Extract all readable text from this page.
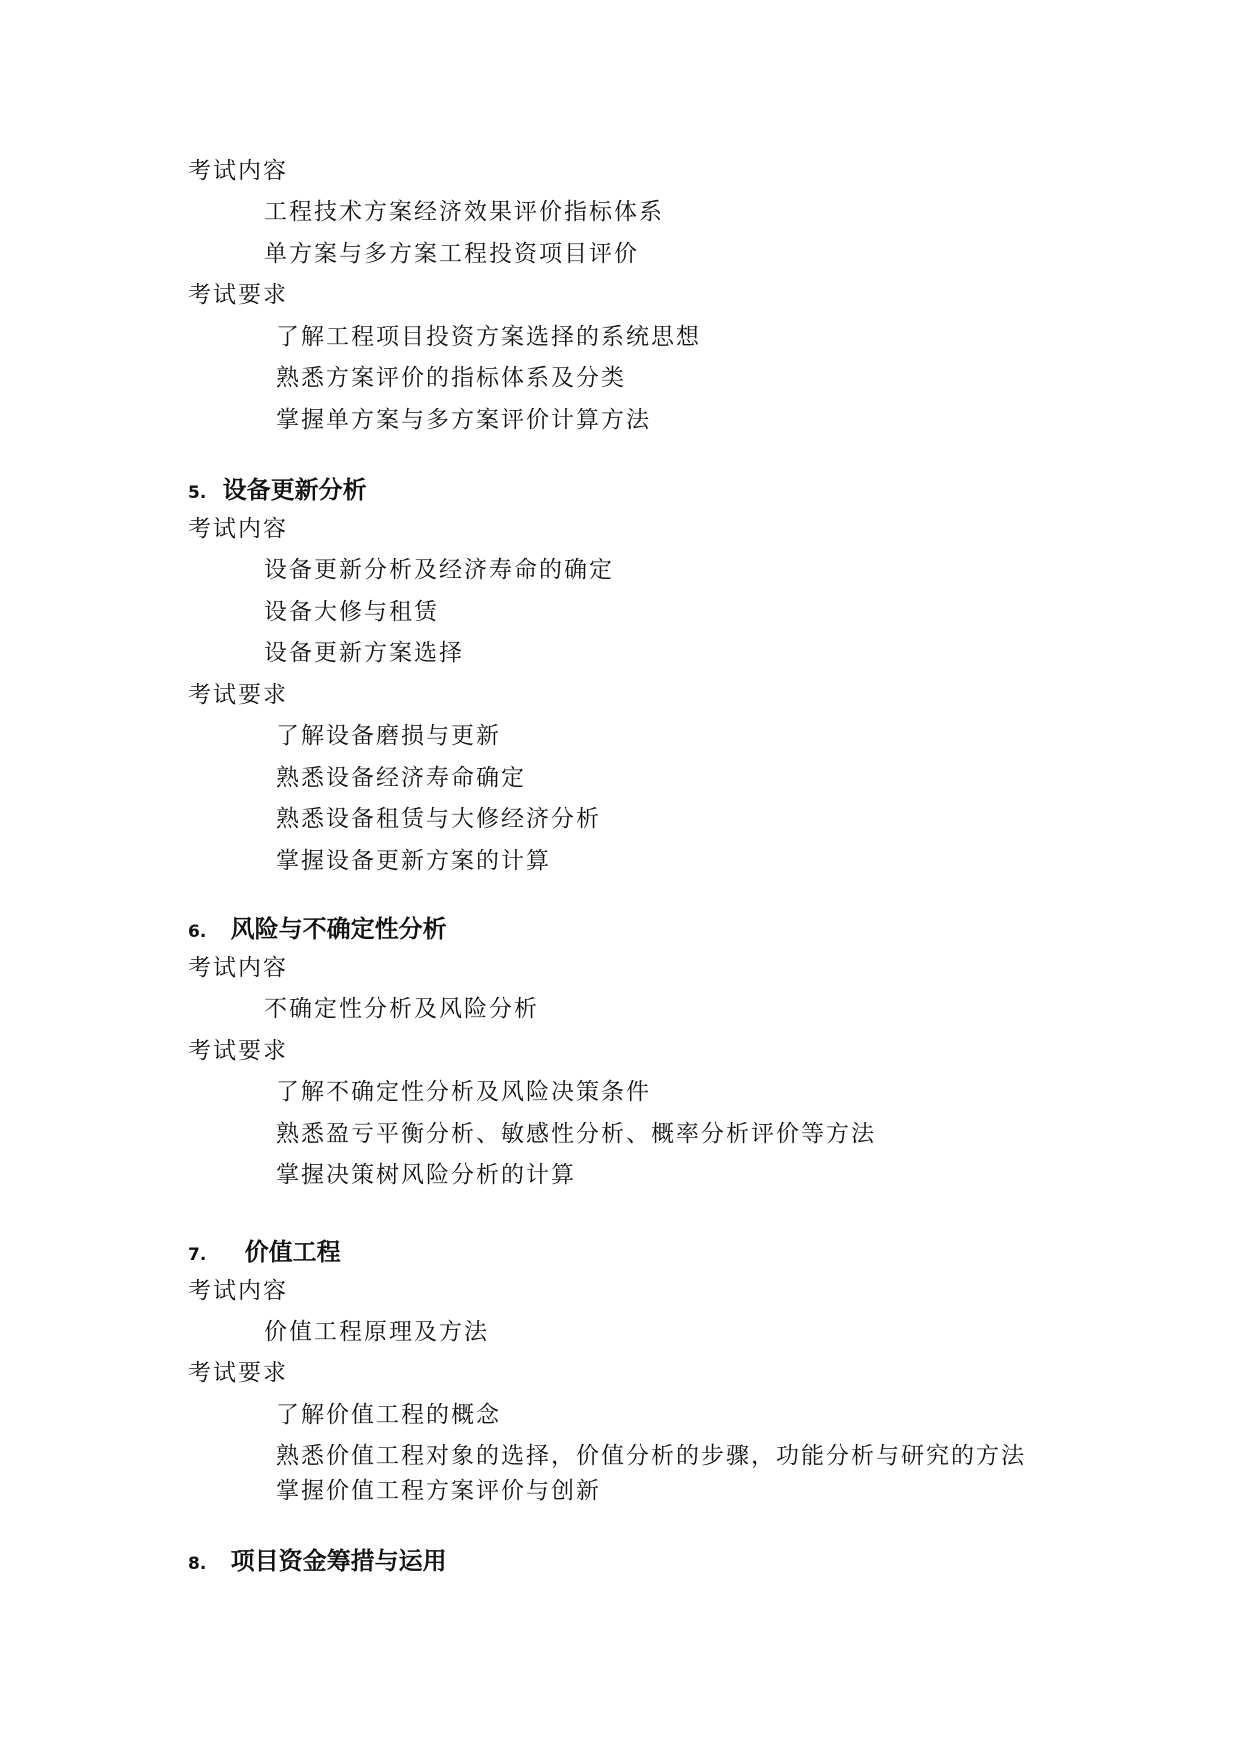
考试内容
工程技术方案经济效果评价指标体系
单方案与多方案工程投资项目评价
考试要求
了解工程项目投资方案选择的系统思想
熟悉方案评价的指标体系及分类
掌握单方案与多方案评价计算方法
5. 设备更新分析
考试内容
设备更新分析及经济寿命的确定
设备大修与租赁
设备更新方案选择
考试要求
了解设备磨损与更新
熟悉设备经济寿命确定
熟悉设备租赁与大修经济分析
掌握设备更新方案的计算
6. 风险与不确定性分析
考试内容
不确定性分析及风险分析
考试要求
了解不确定性分析及风险决策条件
熟悉盈亏平衡分析、敏感性分析、概率分析评价等方法
掌握决策树风险分析的计算
7. 价值工程
考试内容
价值工程原理及方法
考试要求
了解价值工程的概念
熟悉价值工程对象的选择，价值分析的步骤，功能分析与研究的方法
掌握价值工程方案评价与创新
8. 项目资金筹措与运用
